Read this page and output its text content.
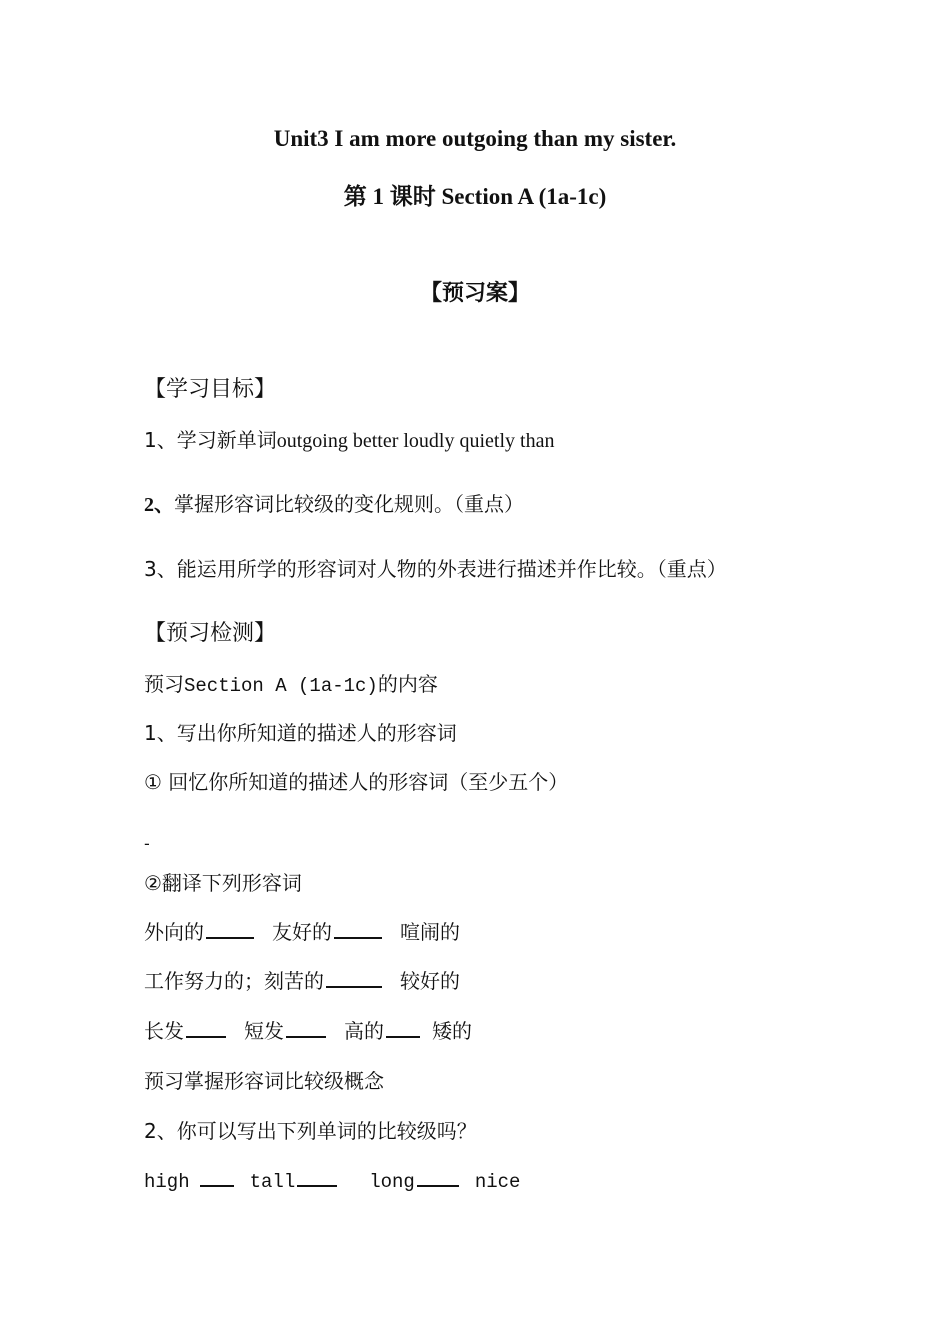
Unit3 I am more outgoing than my sister.
第 1 课时 Section A (1a-1c)
【预习案】
【学习目标】
1、学习新单词outgoing better loudly quietly than
2、掌握形容词比较级的变化规则。（重点）
3、能运用所学的形容词对人物的外表进行描述并作比较。（重点）
【预习检测】
预习Section A (1a-1c)的内容
1、写出你所知道的描述人的形容词
① 回忆你所知道的描述人的形容词（至少五个）
-
②翻译下列形容词
外向的	友好的	喧闹的
工作努力的；刻苦的	较好的
长发	短发	高的 矮的
预习掌握形容词比较级概念
2、你可以写出下列单词的比较级吗？
high	tall	long	nice
